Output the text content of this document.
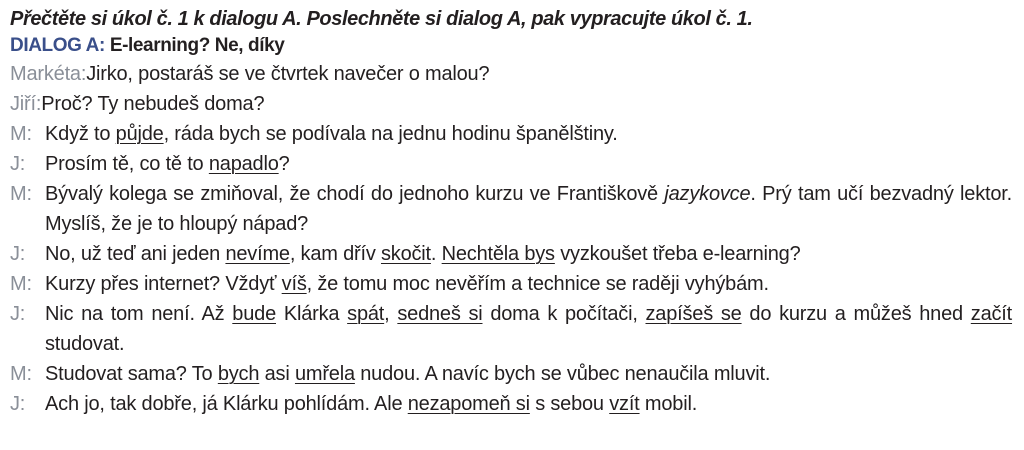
Přečtěte si úkol č. 1 k dialogu A. Poslechněte si dialog A, pak vypracujte úkol č. 1.

DIALOG A: E-learning? Ne, díky

Markéta: Jirko, postaráš se ve čtvrtek navečer o malou?
Jiří: Proč? Ty nebudeš doma?
M: Když to půjde, ráda bych se podívala na jednu hodinu španělštiny.
J: Prosím tě, co tě to napadlo?
M: Bývalý kolega se zmiňoval, že chodí do jednoho kurzu ve Františkově jazykovce. Prý tam učí bezvadný lektor. Myslíš, že je to hloupý nápad?
J: No, už teď ani jeden nevíme, kam dřív skočit. Nechtěla bys vyzkoušet třeba e-learning?
M: Kurzy přes internet? Vždyť víš, že tomu moc nevěřím a technice se raději vyhýbám.
J: Nic na tom není. Až bude Klárka spát, sedneš si doma k počítači, zapíšeš se do kurzu a můžeš hned začít studovat.
M: Studovat sama? To bych asi umřela nudou. A navíc bych se vůbec nenaučila mluvit.
J: Ach jo, tak dobře, já Klárku pohlídám. Ale nezapomeň si s sebou vzít mobil.
